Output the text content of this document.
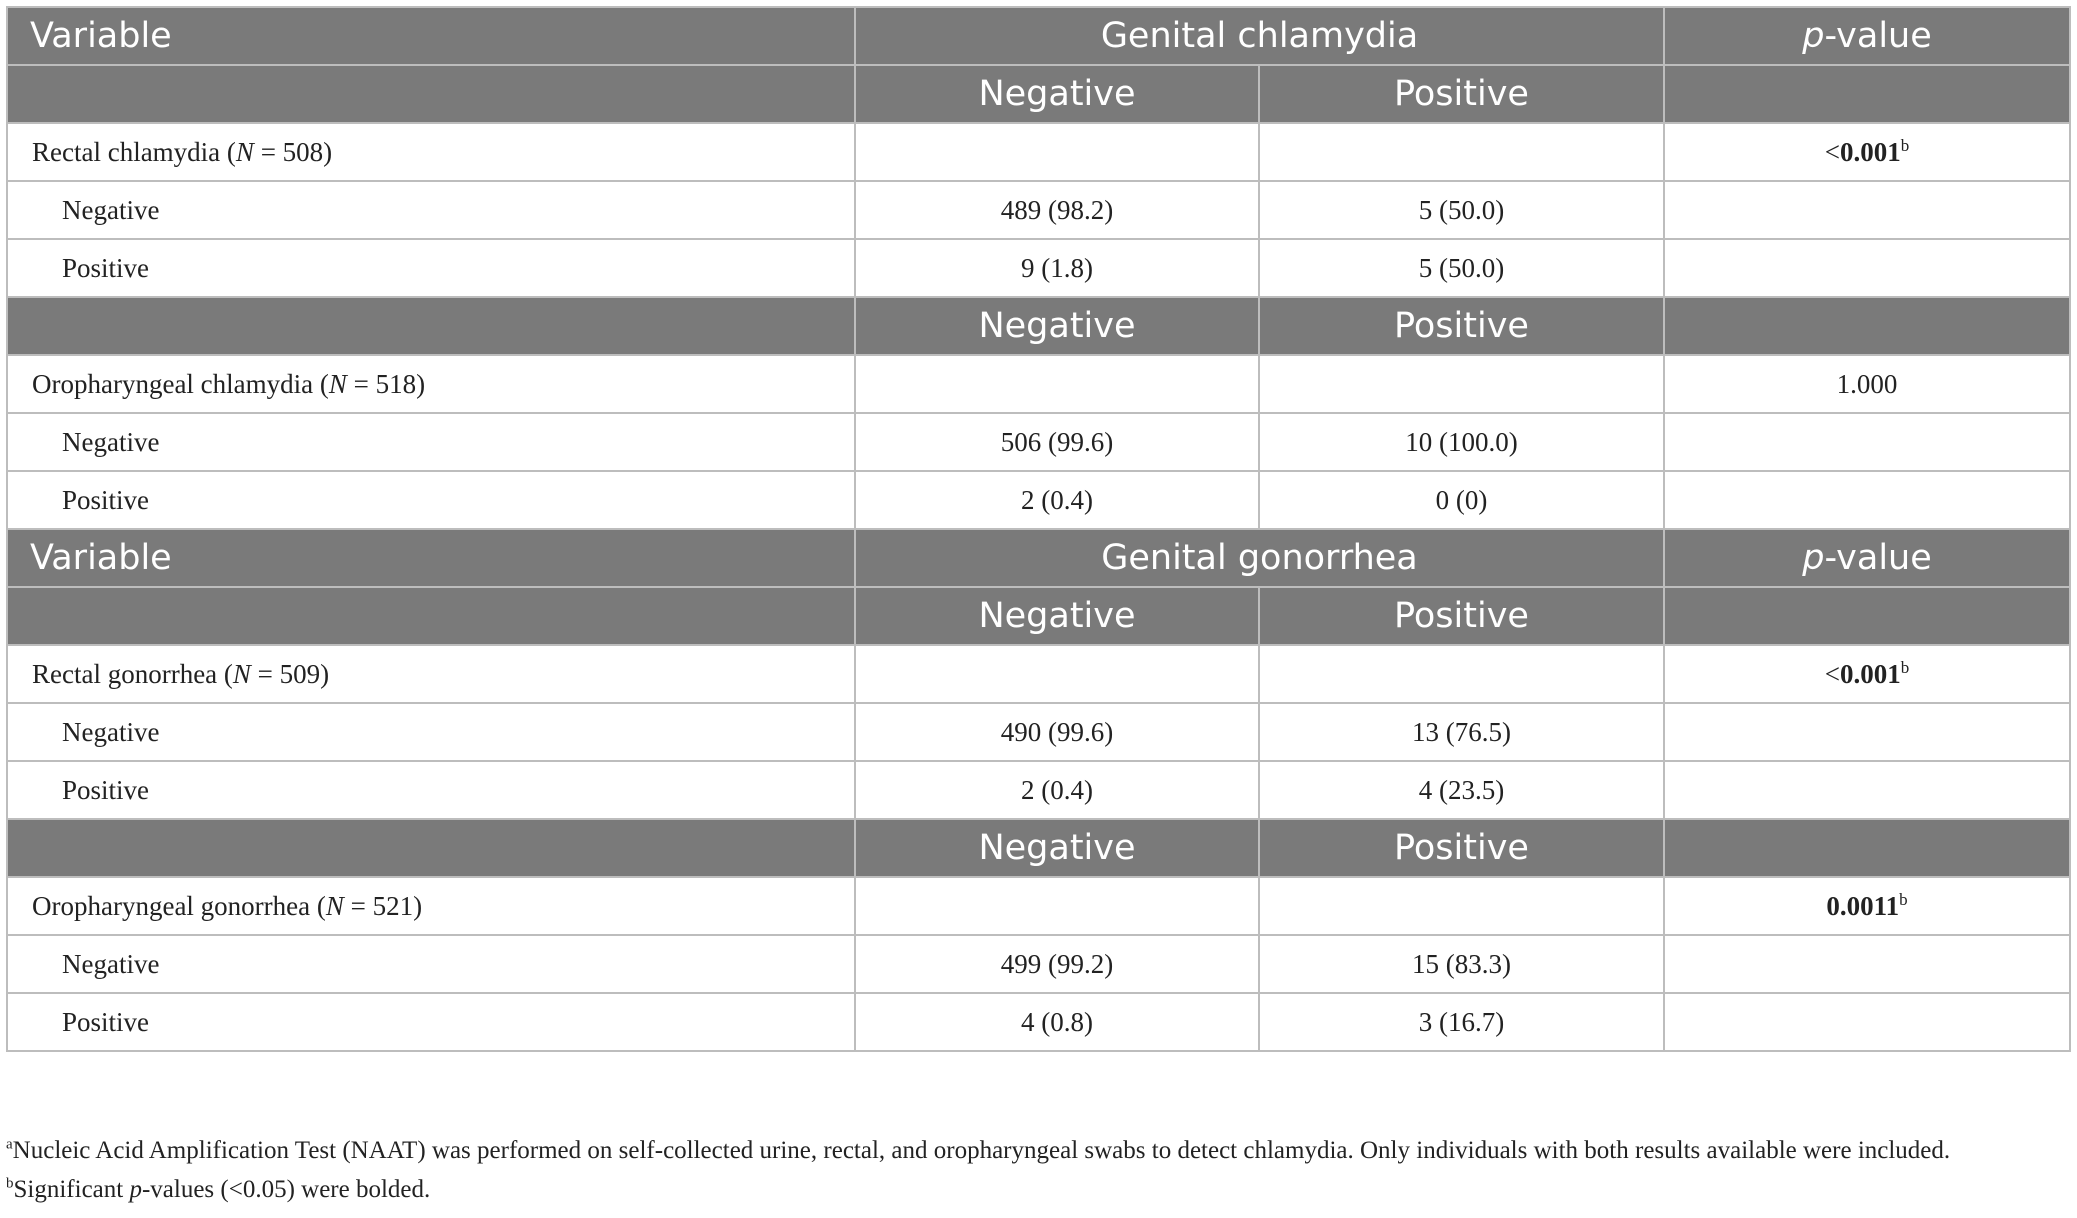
Variable	Genital chlamydia		p-value
	Negative	Positive	
Rectal chlamydia (N = 508)			<0.001$^b$
Negative	489 (98.2)	5 (50.0)	
Positive	9 (1.8)	5 (50.0)	
	Negative	Positive	
Oropharyngeal chlamydia (N = 518)			1.000
Negative	506 (99.6)	10 (100.0)	
Positive	2 (0.4)	0 (0)	
Variable	Genital gonorrhea		p-value
	Negative	Positive	
Rectal gonorrhea (N = 509)			<0.001$^b$
Negative	490 (99.6)	13 (76.5)	
Positive	2 (0.4)	4 (23.5)	
	Negative	Positive	
Oropharyngeal gonorrhea (N = 521)			0.0011$^b$
Negative	499 (99.2)	15 (83.3)	
Positive	4 (0.8)	3 (16.7)	

$^a$Nucleic Acid Amplification Test (NAAT) was performed on self-collected urine, rectal, and oropharyngeal swabs to detect chlamydia. Only individuals with both results available were included.

$^b$Significant p-values (<0.05) were bolded.
